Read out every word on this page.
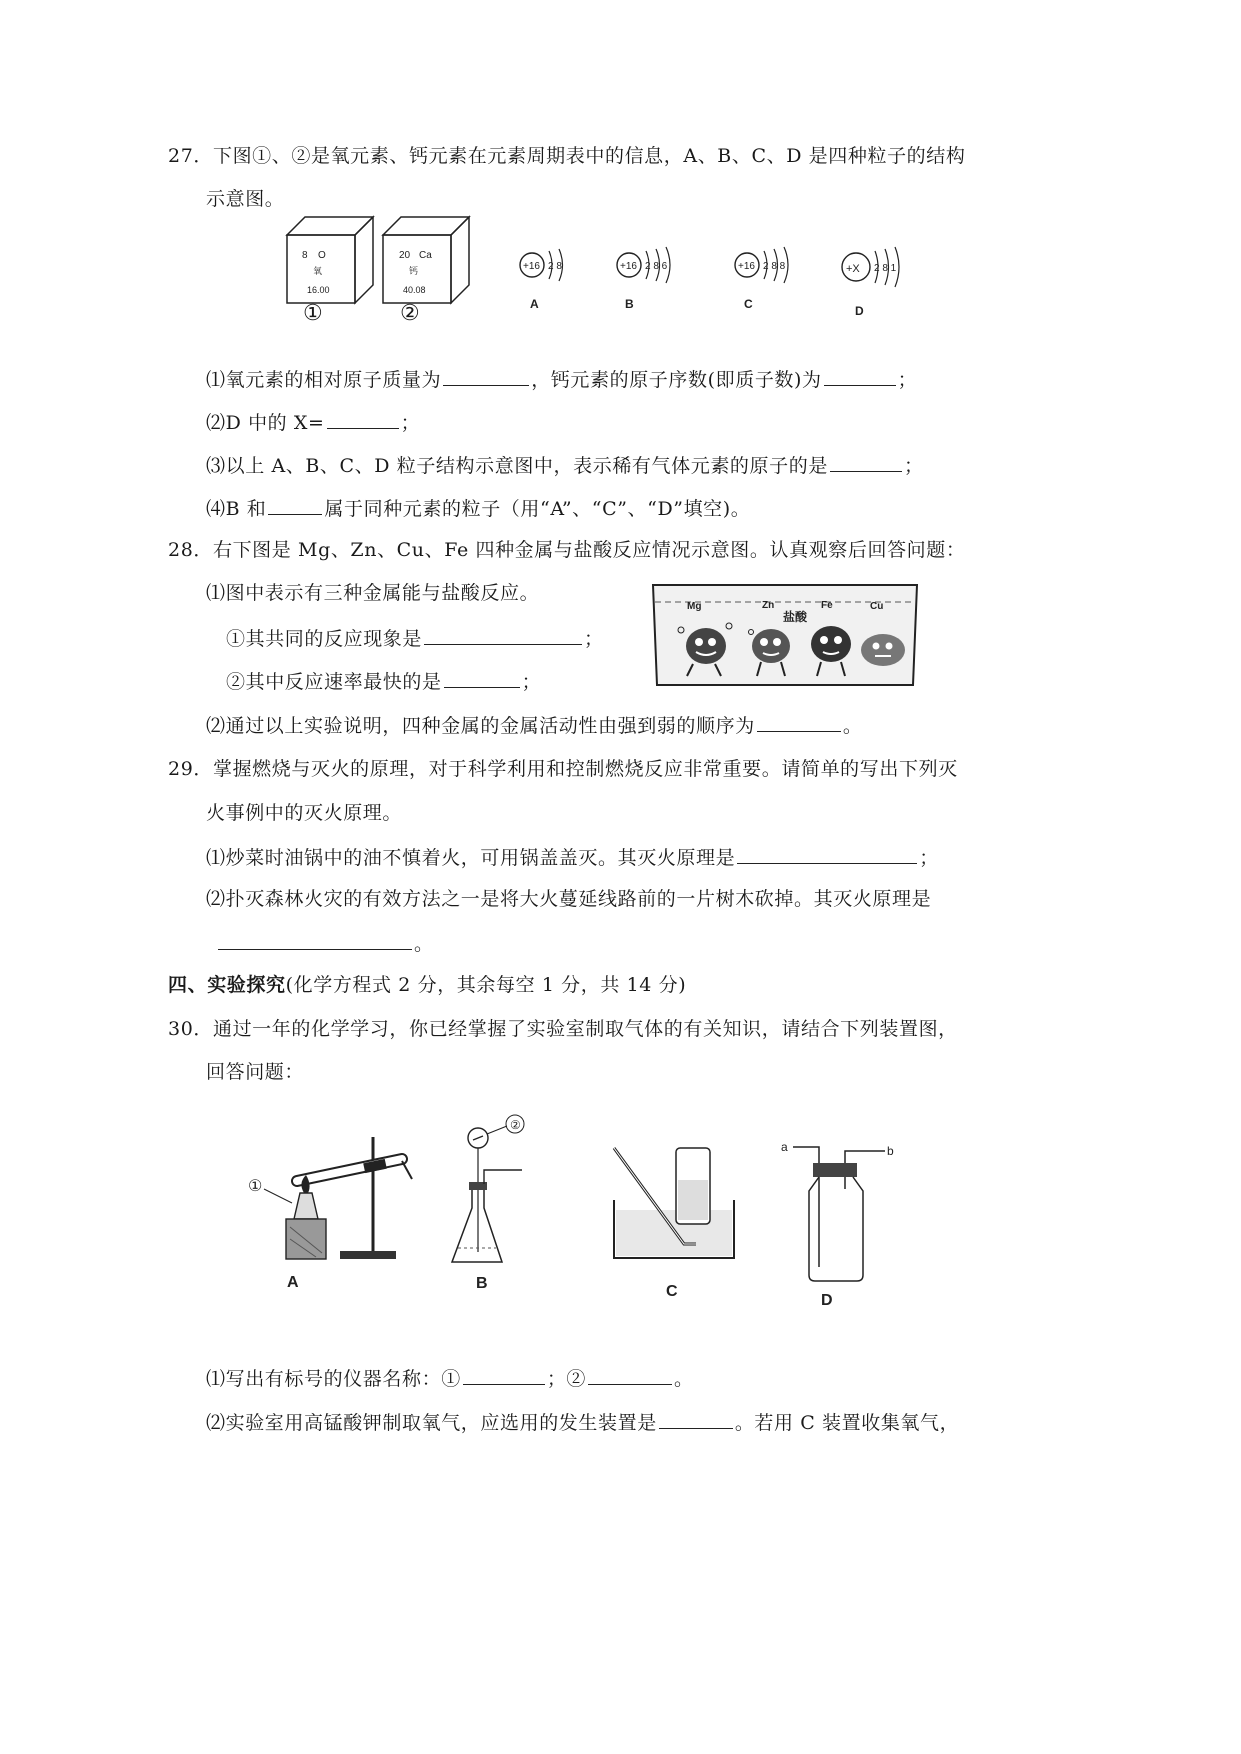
27．下图①、②是氧元素、钙元素在元素周期表中的信息，A、B、C、D 是四种粒子的结构
示意图。
8 O
氧
16.00
①
20 Ca
钙
40.08
②
+16 2 8
A
+16 2 8 6
B
+16 2 8 8
C
+X 2 8 1
D
⑴氧元素的相对原子质量为	，钙元素的原子序数(即质子数)为	；
⑵D 中的 X=	；
⑶以上 A、B、C、D 粒子结构示意图中，表示稀有气体元素的原子的是	；
⑷B 和	属于同种元素的粒子（用“A”、“C”、“D”填空)。
28．右下图是 Mg、Zn、Cu、Fe 四种金属与盐酸反应情况示意图。认真观察后回答问题：
⑴图中表示有三种金属能与盐酸反应。
①其共同的反应现象是	；
②其中反应速率最快的是	；
⑵通过以上实验说明，四种金属的金属活动性由强到弱的顺序为	。
Mg	Zn	Fe	Cu
盐酸
29．掌握燃烧与灭火的原理，对于科学利用和控制燃烧反应非常重要。请简单的写出下列灭
火事例中的灭火原理。
⑴炒菜时油锅中的油不慎着火，可用锅盖盖灭。其灭火原理是	；
⑵扑灭森林火灾的有效方法之一是将大火蔓延线路前的一片树木砍掉。其灭火原理是
。
四、实验探究(化学方程式 2 分，其余每空 1 分，共 14 分)
30．通过一年的化学学习，你已经掌握了实验室制取气体的有关知识，请结合下列装置图，
回答问题：
①
A
②
B	C
a	b
D
⑴写出有标号的仪器名称：①	；②	。
⑵实验室用高锰酸钾制取氧气，应选用的发生装置是	。若用 C 装置收集氧气，
